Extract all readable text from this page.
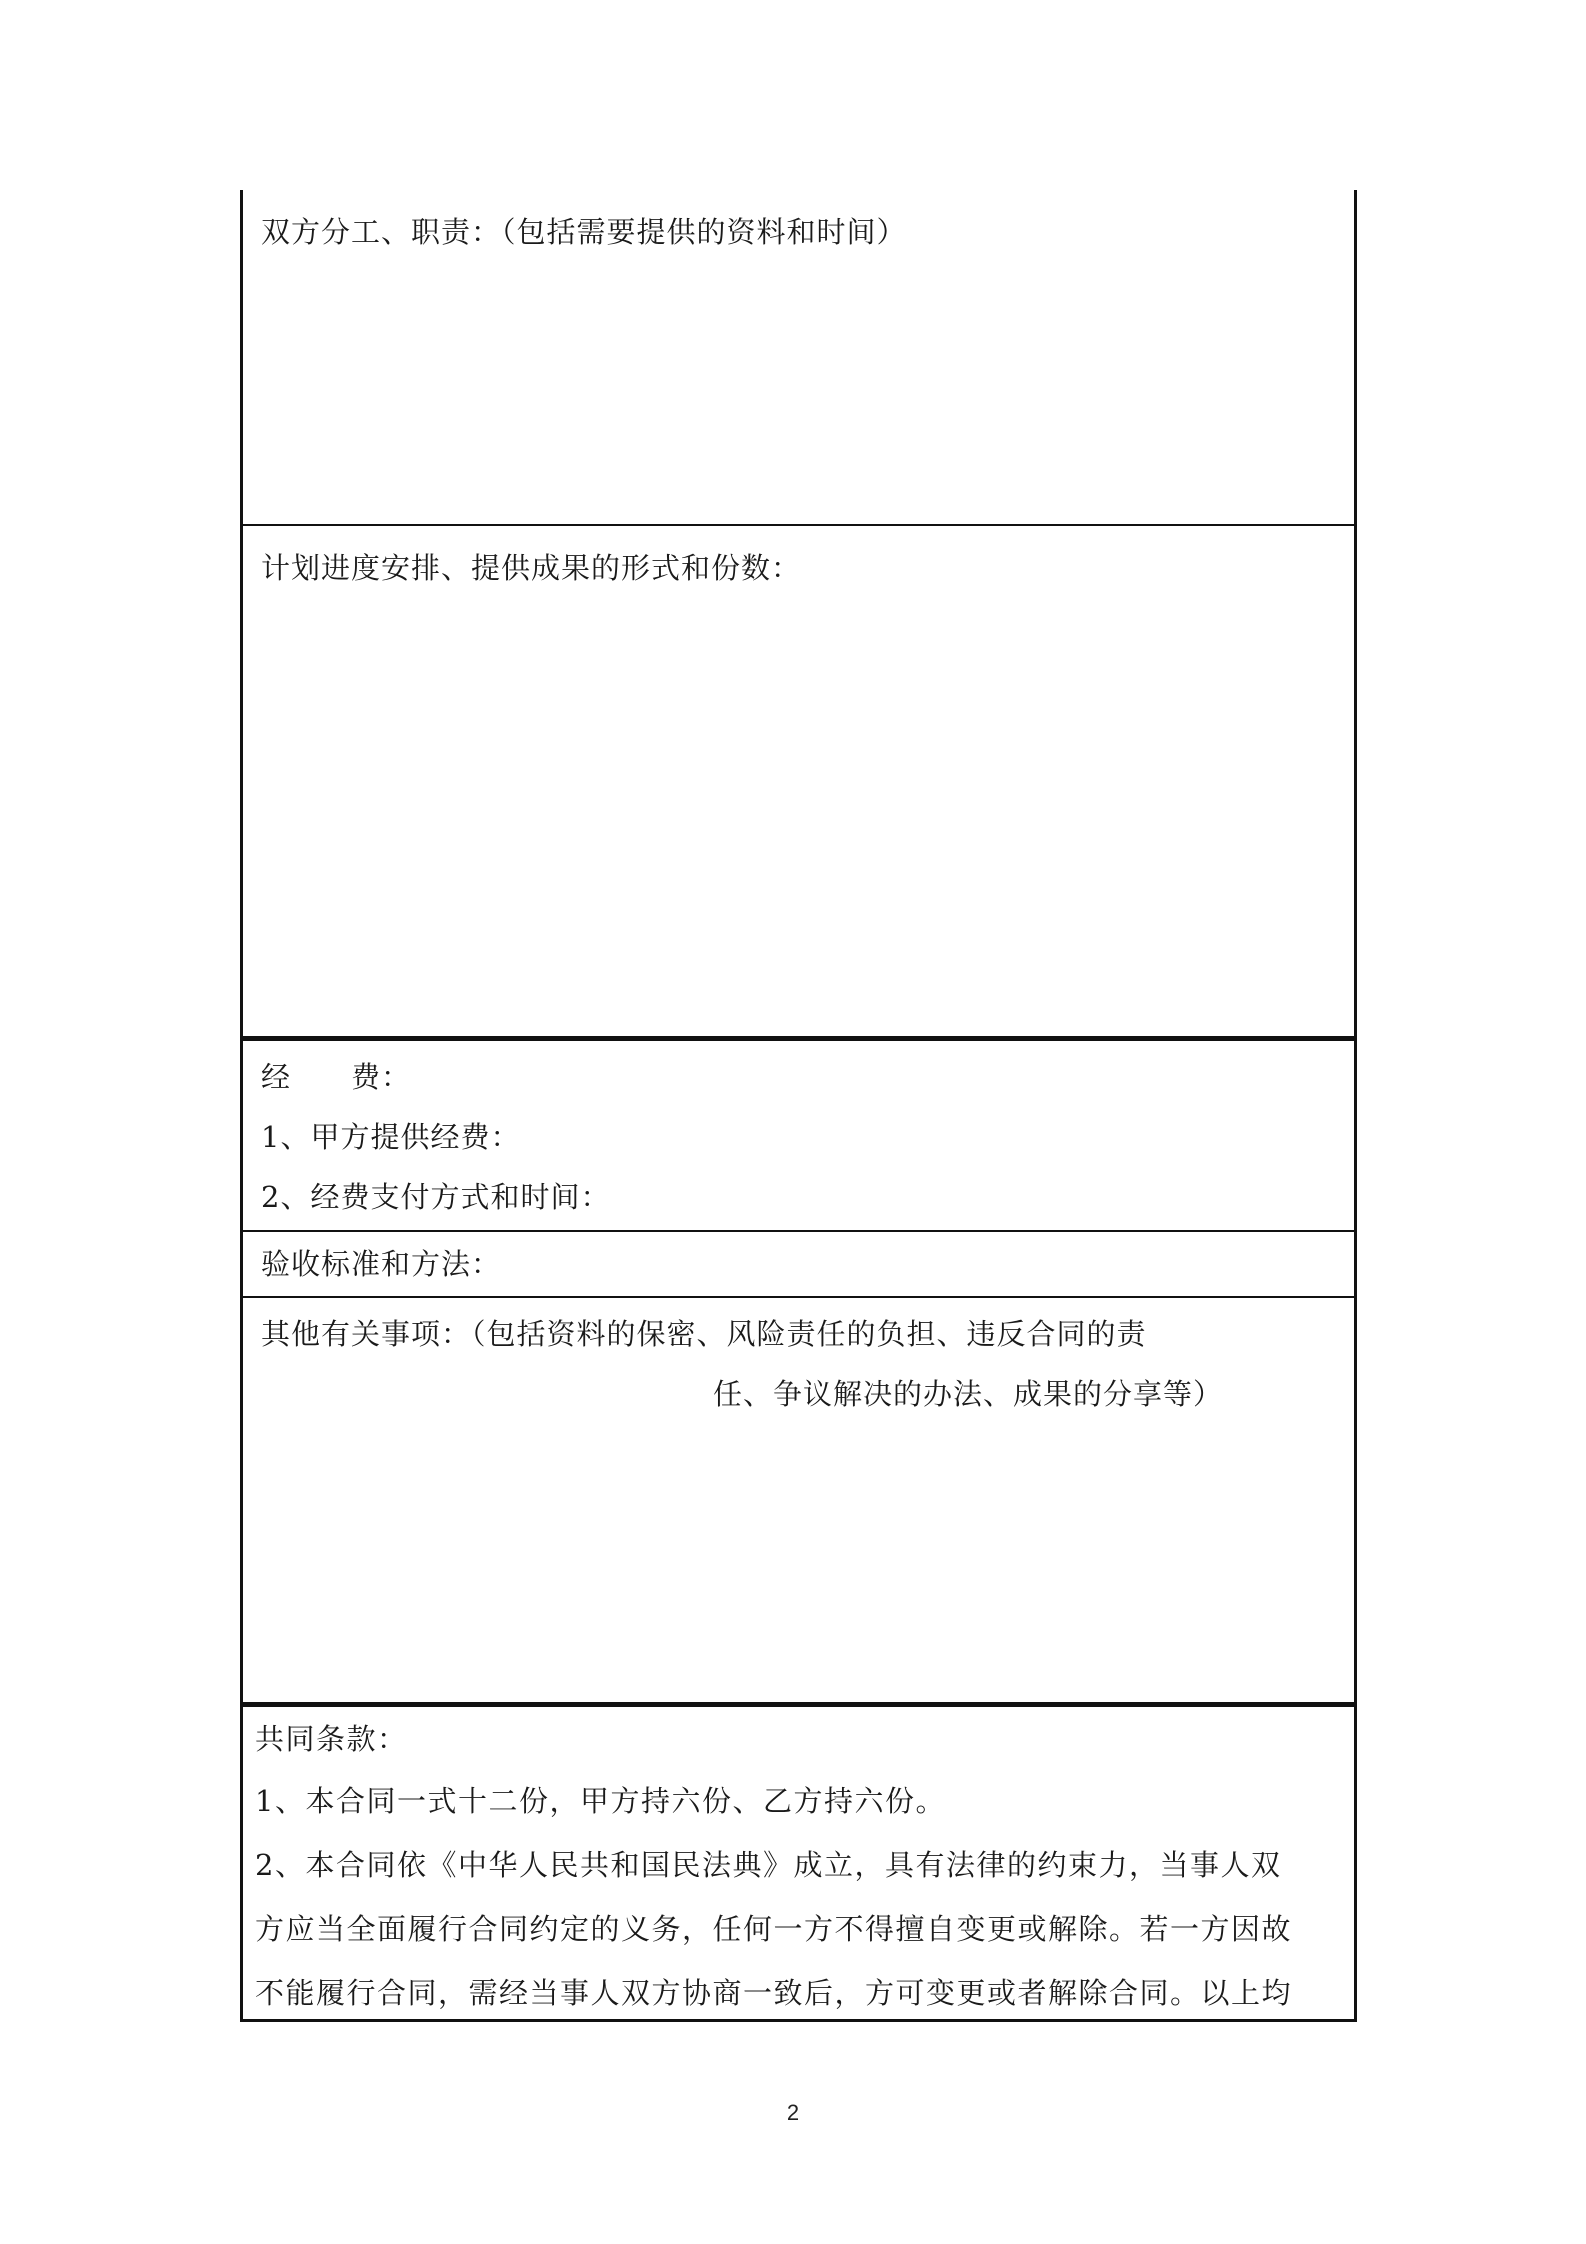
双方分工、职责：（包括需要提供的资料和时间）
计划进度安排、提供成果的形式和份数：
经　　费：
1、甲方提供经费：
2、经费支付方式和时间：
验收标准和方法：
其他有关事项：（包括资料的保密、风险责任的负担、违反合同的责
任、争议解决的办法、成果的分享等）
共同条款：
1、本合同一式十二份，甲方持六份、乙方持六份。
2、本合同依《中华人民共和国民法典》成立，具有法律的约束力，当事人双
方应当全面履行合同约定的义务，任何一方不得擅自变更或解除。若一方因故
不能履行合同，需经当事人双方协商一致后，方可变更或者解除合同。以上均
2
